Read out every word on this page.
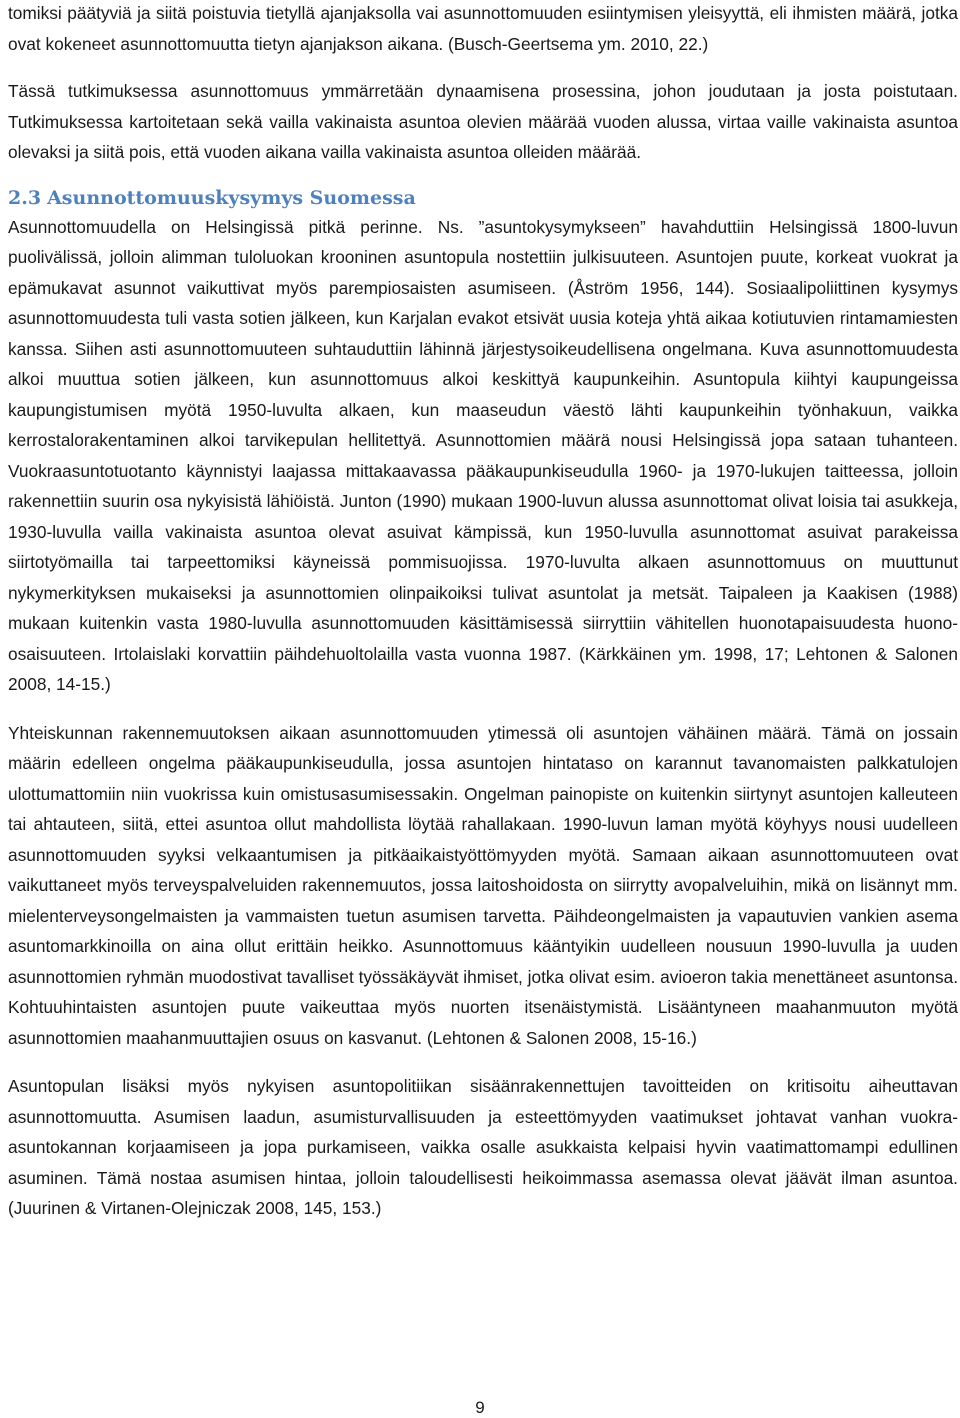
tomiksi päätyviä ja siitä poistuvia tietyllä ajanjaksolla vai asunnottomuuden esiintymisen yleisyyttä, eli ihmisten määrä, jotka ovat kokeneet asunnottomuutta tietyn ajanjakson aikana. (Busch-Geertsema ym. 2010, 22.)

Tässä tutkimuksessa asunnottomuus ymmärretään dynaamisena prosessina, johon joudutaan ja josta poistutaan. Tutkimuksessa kartoitetaan sekä vailla vakinaista asuntoa olevien määrää vuoden alussa, virtaa vaille vakinaista asuntoa olevaksi ja siitä pois, että vuoden aikana vailla vakinaista asuntoa olleiden määrää.

2.3 Asunnottomuuskysymys Suomessa

Asunnottomuudella on Helsingissä pitkä perinne. Ns. ”asuntokysymykseen” havahduttiin Helsingissä 1800-luvun puolivälissä, jolloin alimman tuloluokan krooninen asuntopula nostettiin julkisuuteen. Asuntojen puute, korkeat vuokrat ja epämukavat asunnot vaikuttivat myös parempiosaisten asumiseen. (Åström 1956, 144). Sosiaalipoliittinen kysymys asunnottomuudesta tuli vasta sotien jälkeen, kun Karjalan evakot etsivät uusia koteja yhtä aikaa kotiutuvien rintamamiesten kanssa. Siihen asti asunnottomuuteen suhtauduttiin lähinnä järjestysoikeudellisena ongelmana. Kuva asunnottomuudesta alkoi muuttua sotien jälkeen, kun asunnottomuus alkoi keskittyä kaupunkeihin. Asuntopula kiihtyi kaupungeissa kaupungistumisen myötä 1950-luvulta alkaen, kun maaseudun väestö lähti kaupunkeihin työnhakuun, vaikka kerrostalorakentaminen alkoi tarvikepulan hellitettyä. Asunnottomien määrä nousi Helsingissä jopa sataan tuhanteen. Vuokraasuntotuotanto käynnistyi laajassa mittakaavassa pääkaupunkiseudulla 1960- ja 1970-lukujen taitteessa, jolloin rakennettiin suurin osa nykyisistä lähiöistä. Junton (1990) mukaan 1900-luvun alussa asunnottomat olivat loisia tai asukkeja, 1930-luvulla vailla vakinaista asuntoa olevat asuivat kämpissä, kun 1950-luvulla asunnottomat asuivat parakeissa siirtotyömailla tai tarpeettomiksi käyneissä pommisuojissa. 1970-luvulta alkaen asunnottomuus on muuttunut nykymerkityksen mukaiseksi ja asunnottomien olinpaikoiksi tulivat asuntolat ja metsät. Taipaleen ja Kaakisen (1988) mukaan kuitenkin vasta 1980-luvulla asunnottomuuden käsittämisessä siirryttiin vähitellen huonotapaisuudesta huono-osaisuuteen. Irtolaislaki korvattiin päihdehuoltolailla vasta vuonna 1987. (Kärkkäinen ym. 1998, 17; Lehtonen & Salonen 2008, 14-15.)

Yhteiskunnan rakennemuutoksen aikaan asunnottomuuden ytimessä oli asuntojen vähäinen määrä. Tämä on jossain määrin edelleen ongelma pääkaupunkiseudulla, jossa asuntojen hintataso on karannut tavanomaisten palkkatulojen ulottumattomiin niin vuokrissa kuin omistusasumisessakin. Ongelman painopiste on kuitenkin siirtynyt asuntojen kalleuteen tai ahtauteen, siitä, ettei asuntoa ollut mahdollista löytää rahallakaan. 1990-luvun laman myötä köyhyys nousi uudelleen asunnottomuuden syyksi velkaantumisen ja pitkäaikaistyöttömyyden myötä. Samaan aikaan asunnottomuuteen ovat vaikuttaneet myös terveyspalveluiden rakennemuutos, jossa laitoshoidosta on siirrytty avopalveluihin, mikä on lisännyt mm. mielenterveysongelmaisten ja vammaisten tuetun asumisen tarvetta. Päihdeongelmaisten ja vapautuvien vankien asema asuntomarkkinoilla on aina ollut erittäin heikko. Asunnottomuus kääntyikin uudelleen nousuun 1990-luvulla ja uuden asunnottomien ryhmän muodostivat tavalliset työssäkäyvät ihmiset, jotka olivat esim. avioeron takia menettäneet asuntonsa. Kohtuuhintaisten asuntojen puute vaikeuttaa myös nuorten itsenäistymistä. Lisääntyneen maahanmuuton myötä asunnottomien maahanmuuttajien osuus on kasvanut. (Lehtonen & Salonen 2008, 15-16.)

Asuntopulan lisäksi myös nykyisen asuntopolitiikan sisäänrakennettujen tavoitteiden on kritisoitu aiheuttavan asunnottomuutta. Asumisen laadun, asumisturvallisuuden ja esteettömyyden vaatimukset johtavat vanhan vuokra-asuntokannan korjaamiseen ja jopa purkamiseen, vaikka osalle asukkaista kelpaisi hyvin vaatimattomampi edullinen asuminen. Tämä nostaa asumisen hintaa, jolloin taloudellisesti heikoimmassa asemassa olevat jäävät ilman asuntoa. (Juurinen & Virtanen-Olejniczak 2008, 145, 153.)

9
